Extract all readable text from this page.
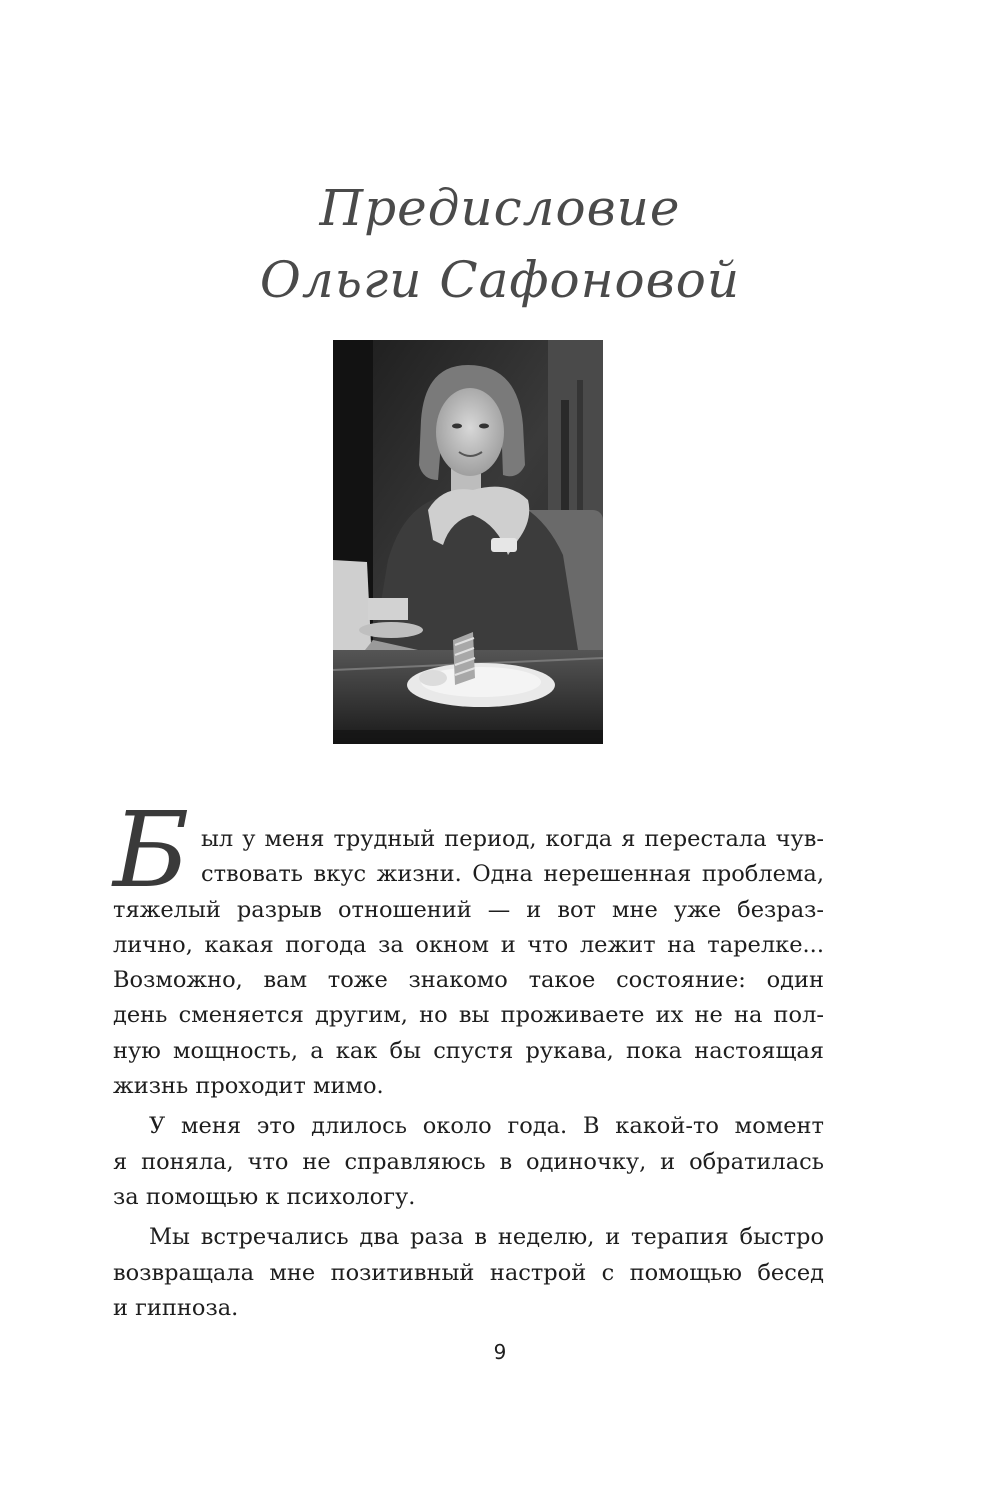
Предисловие
Ольги Сафоновой
Б ыл у меня трудный период, когда я перестала чув-
ствовать вкус жизни. Одна нерешенная проблема,
тяжелый разрыв отношений — и вот мне уже безраз-
лично, какая погода за окном и что лежит на тарелке...
Возможно, вам тоже знакомо такое состояние: один
день сменяется другим, но вы проживаете их не на пол-
ную мощность, а как бы спустя рукава, пока настоящая
жизнь проходит мимо.
У меня это длилось около года. В какой-то момент
я поняла, что не справляюсь в одиночку, и обратилась
за помощью к психологу.
Мы встречались два раза в неделю, и терапия быстро
возвращала мне позитивный настрой с помощью бесед
и гипноза.
9
